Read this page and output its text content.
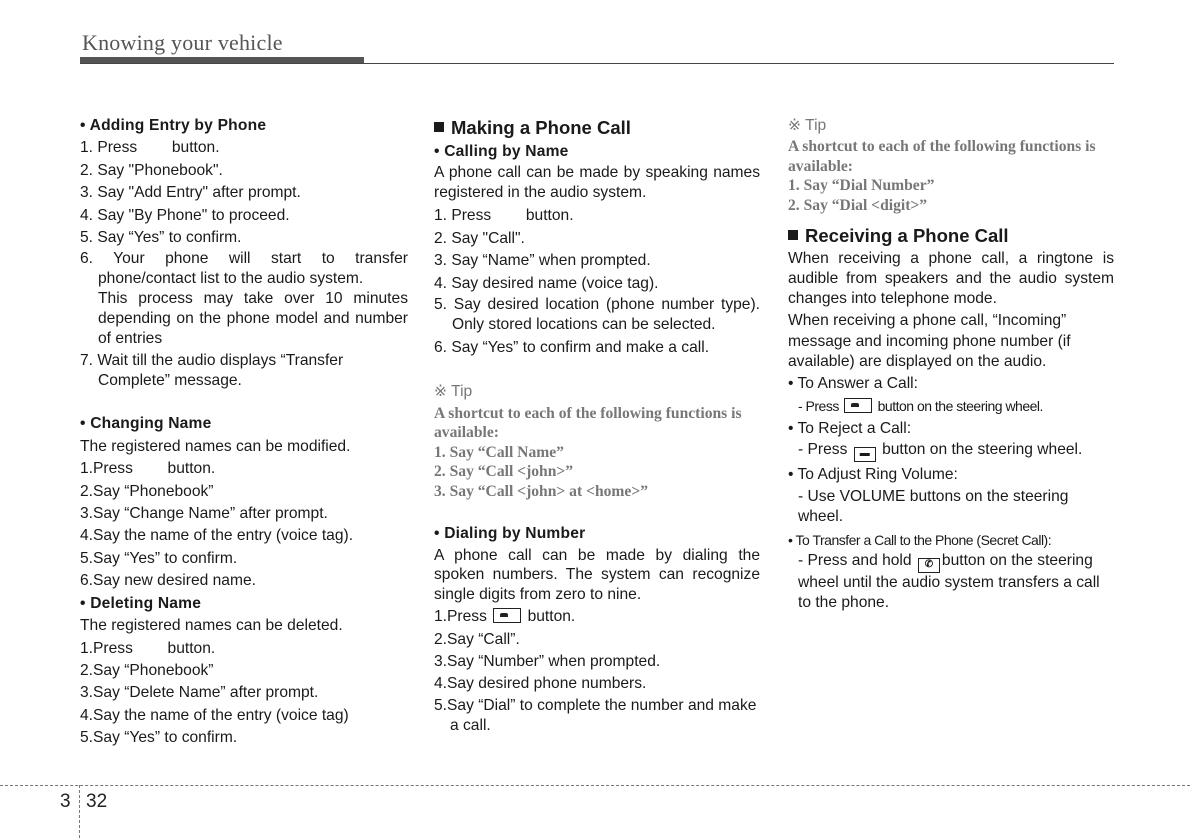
Knowing your vehicle

• Adding Entry by Phone

1. Press        button.

2. Say "Phonebook".

3. Say "Add Entry" after prompt.

4. Say "By Phone" to proceed.

5. Say “Yes” to confirm.

6. Your phone will start to transfer phone/contact list to the audio system.

This process may take over 10 minutes depending on the phone model and number of entries

7. Wait till the audio displays “Transfer Complete” message.

• Changing Name

The registered names can be modified.

1.Press        button.

2.Say “Phonebook”

3.Say “Change Name” after prompt.

4.Say the name of the entry (voice tag).

5.Say “Yes” to confirm.

6.Say new desired name.

• Deleting Name

The registered names can be deleted.

1.Press        button.

2.Say “Phonebook”

3.Say “Delete Name” after prompt.

4.Say the name of the entry (voice tag)

5.Say “Yes” to confirm.

Making a Phone Call

• Calling by Name

A phone call can be made by speaking names registered in the audio system.

1. Press        button.

2. Say "Call".

3. Say “Name” when prompted.

4. Say desired name (voice tag).

5. Say desired location (phone number type). Only stored locations can be selected.

6. Say “Yes” to confirm and make a call.

※ Tip

A shortcut to each of the following functions is available:

1. Say “Call Name”

2. Say “Call <john>”

3. Say “Call <john> at <home>”

• Dialing by Number

A phone call can be made by dialing the spoken numbers. The system can recognize single digits from zero to nine.

1.Press	button.

2.Say “Call”.

3.Say “Number” when prompted.

4.Say desired phone numbers.

5.Say “Dial” to complete the number and make a call.

※ Tip

A shortcut to each of the following functions is available:

1. Say “Dial Number”

2. Say “Dial <digit>”

Receiving a Phone Call

When receiving a phone call, a ringtone is audible from speakers and the audio system changes into telephone mode.

When receiving a phone call, “Incoming” message and incoming phone number (if available) are displayed on the audio.

• To Answer a Call:

- Press	button on the steering wheel.

• To Reject a Call:

- Press ▬ button on the steering wheel.

• To Adjust Ring Volume:

- Use VOLUME buttons on the steering wheel.

• To Transfer a Call to the Phone (Secret Call):

- Press and hold ✆ button on the steering wheel until the audio system transfers a call to the phone.

3 32
